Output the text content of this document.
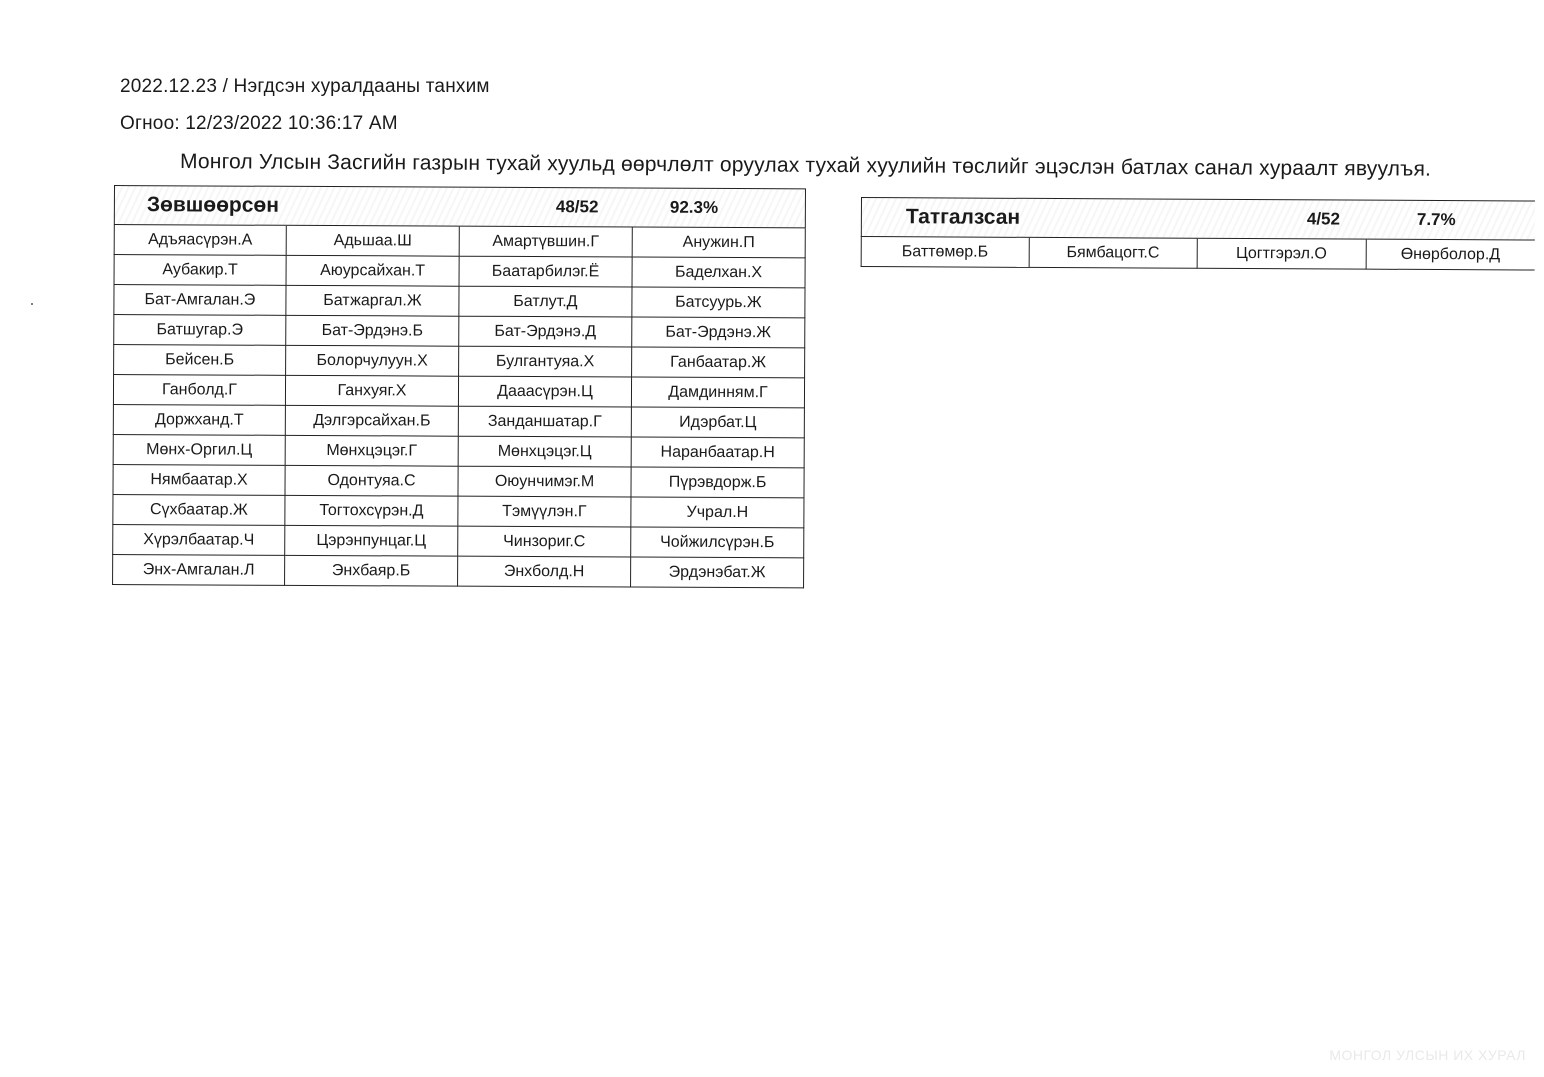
2022.12.23 / Нэгдсэн хуралдааны танхим
Огноо: 12/23/2022 10:36:17 AM
Монгол Улсын Засгийн газрын тухай хуульд өөрчлөлт оруулах тухай хуулийн төслийг эцэслэн батлах санал хураалт явуулъя.
Зөвшөөрсөн	48/52	92.3%
Адъяасүрэн.А	Адьшаа.Ш	Амартүвшин.Г	Анужин.П
Аубакир.Т	Аюурсайхан.Т	Баатарбилэг.Ё	Баделхан.Х
Бат-Амгалан.Э	Батжаргал.Ж	Батлут.Д	Батсуурь.Ж
Батшугар.Э	Бат-Эрдэнэ.Б	Бат-Эрдэнэ.Д	Бат-Эрдэнэ.Ж
Бейсен.Б	Болорчулуун.Х	Булгантуяа.Х	Ганбаатар.Ж
Ганболд.Г	Ганхуяг.Х	Дааасүрэн.Ц	Дамдинням.Г
Доржханд.Т	Дэлгэрсайхан.Б	Занданшатар.Г	Идэрбат.Ц
Мөнх-Оргил.Ц	Мөнхцэцэг.Г	Мөнхцэцэг.Ц	Наранбаатар.Н
Нямбаатар.Х	Одонтуяа.С	Оюунчимэг.М	Пүрэвдорж.Б
Сүхбаатар.Ж	Тогтохсүрэн.Д	Тэмүүлэн.Г	Учрал.Н
Хүрэлбаатар.Ч	Цэрэнпунцаг.Ц	Чинзориг.С	Чойжилсүрэн.Б
Энх-Амгалан.Л	Энхбаяр.Б	Энхболд.Н	Эрдэнэбат.Ж
Татгалзсан	4/52	7.7%
Баттөмөр.Б	Бямбацогт.С	Цогтгэрэл.О	Өнөрболор.Д
МОНГОЛ УЛСЫН ИХ ХУРАЛ
